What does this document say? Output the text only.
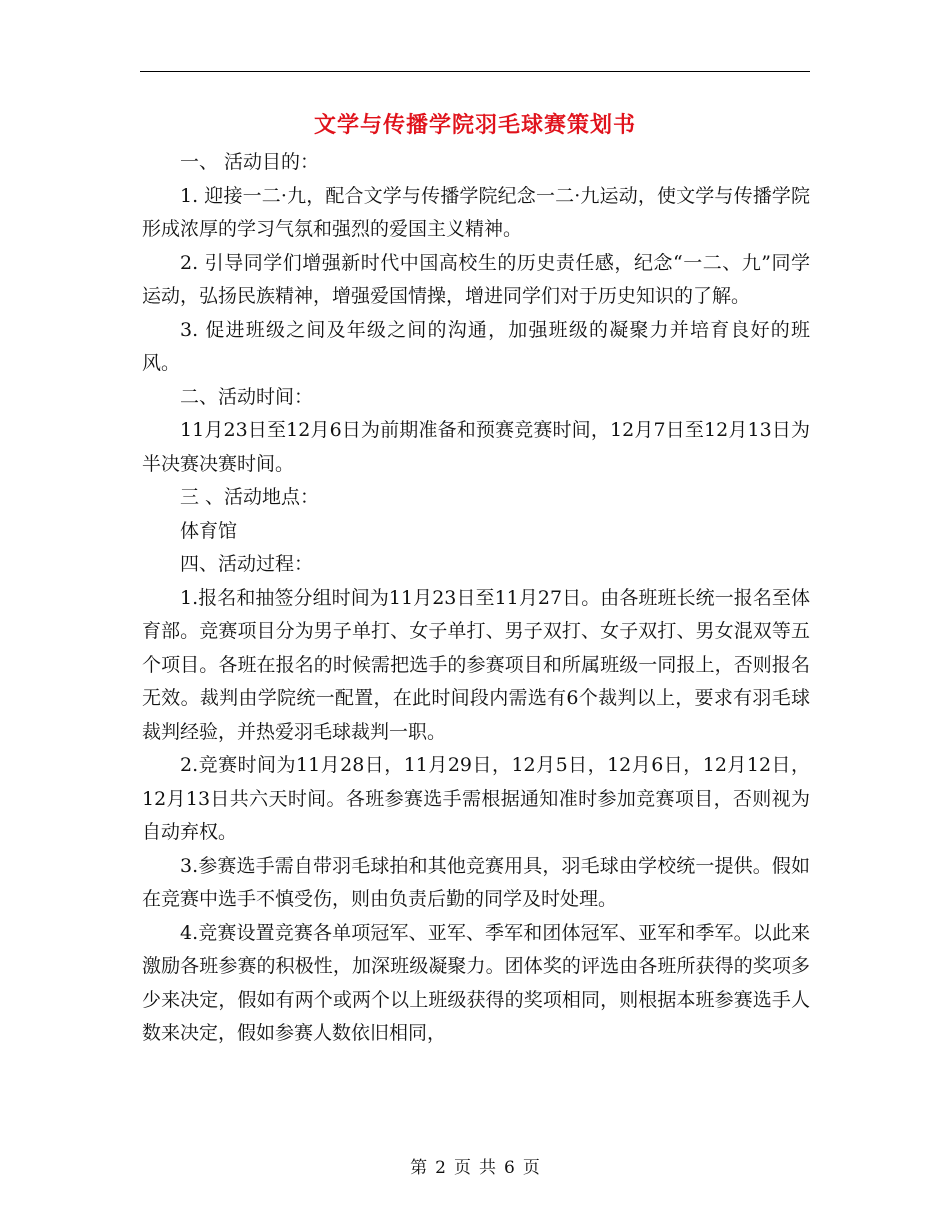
文学与传播学院羽毛球赛策划书

一、 活动目的：

1. 迎接一二·九，配合文学与传播学院纪念一二·九运动，使文学与传播学院形成浓厚的学习气氛和强烈的爱国主义精神。

2. 引导同学们增强新时代中国高校生的历史责任感，纪念“一二、九”同学运动，弘扬民族精神，增强爱国情操，增进同学们对于历史知识的了解。

3. 促进班级之间及年级之间的沟通，加强班级的凝聚力并培育良好的班风。

二、活动时间：

11月23日至12月6日为前期准备和预赛竞赛时间，12月7日至12月13日为半决赛决赛时间。

三 、活动地点：

体育馆

四、活动过程：

1.报名和抽签分组时间为11月23日至11月27日。由各班班长统一报名至体育部。竞赛项目分为男子单打、女子单打、男子双打、女子双打、男女混双等五个项目。各班在报名的时候需把选手的参赛项目和所属班级一同报上，否则报名无效。裁判由学院统一配置，在此时间段内需选有6个裁判以上，要求有羽毛球裁判经验，并热爱羽毛球裁判一职。

2.竞赛时间为11月28日，11月29日，12月5日，12月6日，12月12日，12月13日共六天时间。各班参赛选手需根据通知准时参加竞赛项目，否则视为自动弃权。

3.参赛选手需自带羽毛球拍和其他竞赛用具，羽毛球由学校统一提供。假如在竞赛中选手不慎受伤，则由负责后勤的同学及时处理。

4.竞赛设置竞赛各单项冠军、亚军、季军和团体冠军、亚军和季军。以此来激励各班参赛的积极性，加深班级凝聚力。团体奖的评选由各班所获得的奖项多少来决定，假如有两个或两个以上班级获得的奖项相同，则根据本班参赛选手人数来决定，假如参赛人数依旧相同，

第 2 页 共 6 页
